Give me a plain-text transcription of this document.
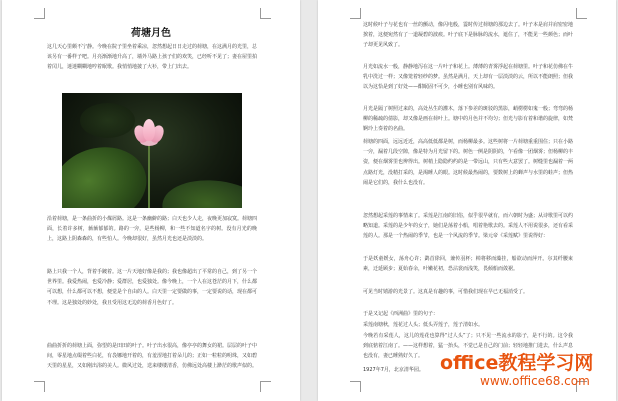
荷塘月色

这几天心里颇不宁静。今晚在院子里坐着乘凉，忽然想起日日走过的荷塘，在这满月的光里，总该另有一番样子吧。月亮渐渐地升高了，墙外马路上孩子们的欢笑，已经听不见了；妻在屋里拍着闰儿，迷迷糊糊地哼着眠歌。我悄悄地披了大衫，带上门出去。

沿着荷塘，是一条曲折的小煤屑路。这是一条幽僻的路；白天也少人走，夜晚更加寂寞。荷塘四面，长着许多树，蓊蓊郁郁的。路的一旁，是些杨柳，和一些不知道名字的树。没有月光的晚上，这路上阴森森的，有些怕人。今晚却很好，虽然月光也还是淡淡的。

路上只我一个人，背着手踱着。这一片天地好像是我的；我也像超出了平常的自己，到了另一个世界里。我爱热闹，也爱冷静；爱群居，也爱独处。像今晚上，一个人在这苍茫的月下，什么都可以想，什么都可以不想，便觉是个自由的人。白天里一定要做的事，一定要说的话，现在都可不理。这是独处的妙处，我且受用这无边的荷香月色好了。

曲曲折折的荷塘上面，弥望的是田田的叶子。叶子出水很高，像亭亭的舞女的裙。层层的叶子中间，零星地点缀着些白花，有袅娜地开着的，有羞涩地打着朵儿的；正如一粒粒的明珠，又如碧天里的星星，又如刚出浴的美人。微风过处，送来缕缕清香，仿佛远处高楼上渺茫的歌声似的。

这时候叶子与花也有一丝的颤动，像闪电般，霎时传过荷塘的那边去了。叶子本是肩并肩密密地挨着，这便宛然有了一道凝碧的波痕。叶子底下是脉脉的流水，遮住了，不能见一些颜色；而叶子却更见风致了。

月光如流水一般，静静地泻在这一片叶子和花上。薄薄的青雾浮起在荷塘里。叶子和花仿佛在牛乳中洗过一样；又像笼着轻纱的梦。虽然是满月，天上却有一层淡淡的云，所以不能朗照；但我以为这恰是到了好处——酣眠固不可少，小睡也别有风味的。

月光是隔了树照过来的，高处丛生的灌木，落下参差的斑驳的黑影，峭楞楞如鬼一般；弯弯的杨柳的稀疏的倩影，却又像是画在荷叶上。塘中的月色并不均匀；但光与影有着和谐的旋律，如梵婀玲上奏着的名曲。

荷塘的四面，远远近近，高高低低都是树，而杨柳最多。这些树将一片荷塘重重围住；只在小路一旁，漏着几段空隙，像是特为月光留下的。树色一例是阴阴的，乍看像一团烟雾；但杨柳的丰姿，便在烟雾里也辨得出。树梢上隐隐约约的是一带远山，只有些大意罢了。树缝里也漏着一两点路灯光，没精打采的，是渴睡人的眼。这时候最热闹的，要数树上的蝉声与水里的蛙声；但热闹是它们的，我什么也没有。

忽然想起采莲的事情来了。采莲是江南的旧俗，似乎很早就有，而六朝时为盛；从诗歌里可以约略知道。采莲的是少年的女子，她们是荡着小船，唱着艳歌去的。采莲人不用说很多，还有看采莲的人。那是一个热闹的季节，也是一个风流的季节。梁元帝《采莲赋》里说得好：

于是妖童媛女，荡舟心许；鹢首徐回，兼传羽杯；棹将移而藻挂，船欲动而萍开。尔其纤腰束素，迁延顾步；夏始春余，叶嫩花初，恐沾裳而浅笑，畏倾船而敛裾。

可见当时嬉游的光景了。这真是有趣的事，可惜我们现在早已无福消受了。

于是又记起《西洲曲》里的句子：

采莲南塘秋，莲花过人头；低头弄莲子，莲子清如水。

今晚若有采莲人，这儿的莲花也算得“过人头”了；只不见一些流水的影子，是不行的。这令我到底惦着江南了。——这样想着，猛一抬头，不觉已是自己的门前；轻轻地推门进去，什么声息也没有，妻已睡熟好久了。

1927年7月，北京清华园。 office教程学习网
www.office68.com
